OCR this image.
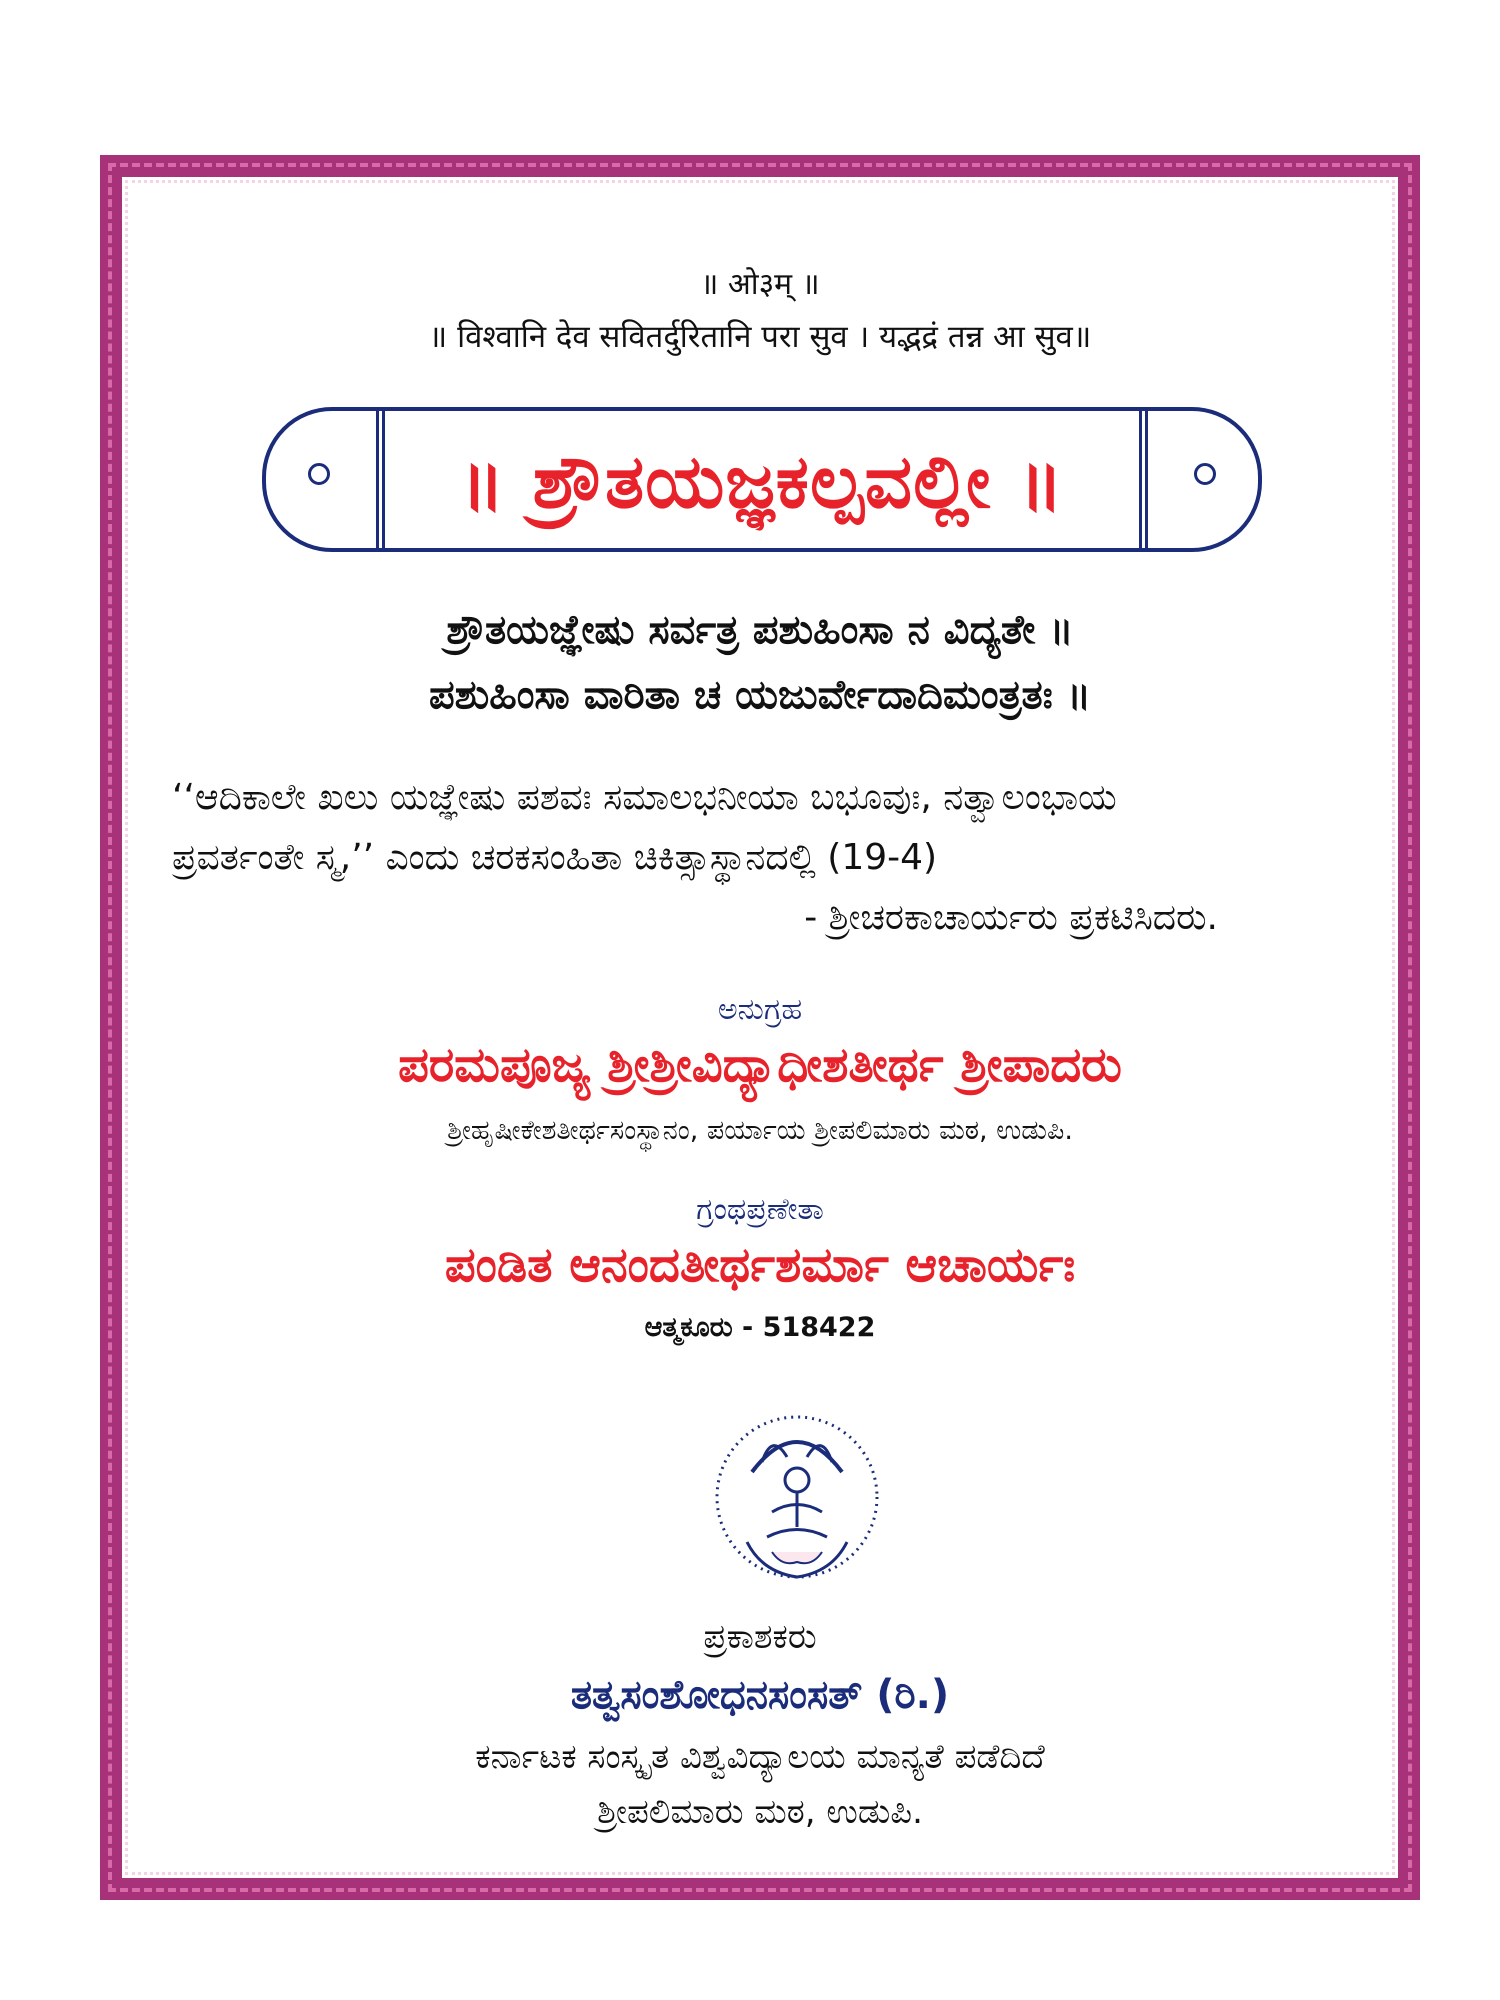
॥ ओ३म् ॥
॥ विश्वानि देव सवितर्दुरितानि परा सुव । यद्भद्रं तन्न आ सुव॥
॥ ಶ್ರೌತಯಜ್ಞಕಲ್ಪವಲ್ಲೀ ॥
ಶ್ರೌತಯಜ್ಞೇಷು ಸರ್ವತ್ರ ಪಶುಹಿಂಸಾ ನ ವಿದ್ಯತೇ ॥
ಪಶುಹಿಂಸಾ ವಾರಿತಾ ಚ ಯಜುರ್ವೇದಾದಿಮಂತ್ರತಃ ॥
‘‘ಆದಿಕಾಲೇ ಖಲು ಯಜ್ಞೇಷು ಪಶವಃ ಸಮಾಲಭನೀಯಾ ಬಭೂವುಃ, ನತ್ವಾಲಂಭಾಯ
ಪ್ರವರ್ತಂತೇ ಸ್ಮ,’’ ಎಂದು ಚರಕಸಂಹಿತಾ ಚಿಕಿತ್ಸಾಸ್ಥಾನದಲ್ಲಿ (19-4)
- ಶ್ರೀಚರಕಾಚಾರ್ಯರು ಪ್ರಕಟಿಸಿದರು.
ಅನುಗ್ರಹ
ಪರಮಪೂಜ್ಯ ಶ್ರೀಶ್ರೀವಿದ್ಯಾಧೀಶತೀರ್ಥ ಶ್ರೀಪಾದರು
ಶ್ರೀಹೃಷೀಕೇಶತೀರ್ಥಸಂಸ್ಥಾನಂ, ಪರ್ಯಾಯ ಶ್ರೀಪಲಿಮಾರು ಮಠ, ಉಡುಪಿ.
ಗ್ರಂಥಪ್ರಣೇತಾ
ಪಂಡಿತ ಆನಂದತೀರ್ಥಶರ್ಮಾ ಆಚಾರ್ಯಃ
ಆತ್ಮಕೂರು - 518422
ಪ್ರಕಾಶಕರು
ತತ್ವಸಂಶೋಧನಸಂಸತ್ (ರಿ.)
ಕರ್ನಾಟಕ ಸಂಸ್ಕೃತ ವಿಶ್ವವಿದ್ಯಾಲಯ ಮಾನ್ಯತೆ ಪಡೆದಿದೆ
ಶ್ರೀಪಲಿಮಾರು ಮಠ, ಉಡುಪಿ.
